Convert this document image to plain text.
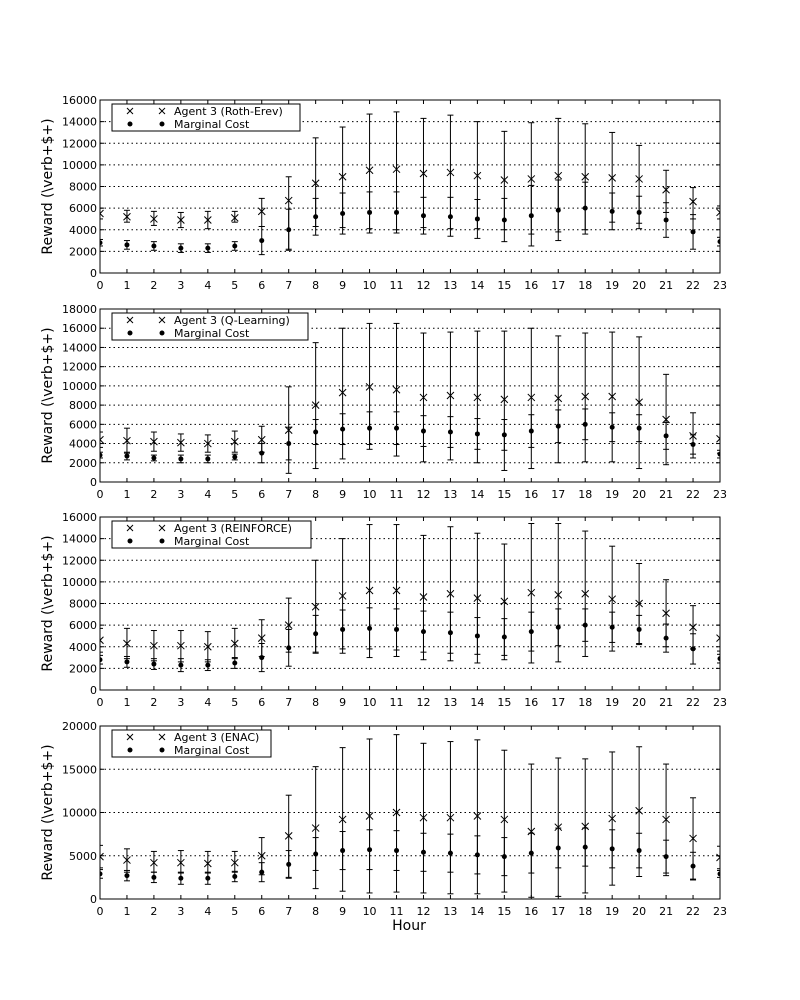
0
2000
4000
6000
8000
10000
12000
14000
16000
0 1 2 3 4 5 6 7 8 9 10 11 12 13 14 15 16 17 18 19 20 21 22 23
Reward (\verb+$+)
Agent 3 (Roth-Erev)
Marginal Cost
0
2000
4000
6000
8000
10000
12000
14000
16000
18000
0 1 2 3 4 5 6 7 8 9 10 11 12 13 14 15 16 17 18 19 20 21 22 23
Reward (\verb+$+)
Agent 3 (Q-Learning)
Marginal Cost
0
2000
4000
6000
8000
10000
12000
14000
16000
0 1 2 3 4 5 6 7 8 9 10 11 12 13 14 15 16 17 18 19 20 21 22 23
Reward (\verb+$+)
Agent 3 (REINFORCE)
Marginal Cost
0
5000
10000
15000
20000
0 1 2 3 4 5 6 7 8 9 10 11 12 13 14 15 16 17 18 19 20 21 22 23
Reward (\verb+$+)
Agent 3 (ENAC)
Marginal Cost
Hour
